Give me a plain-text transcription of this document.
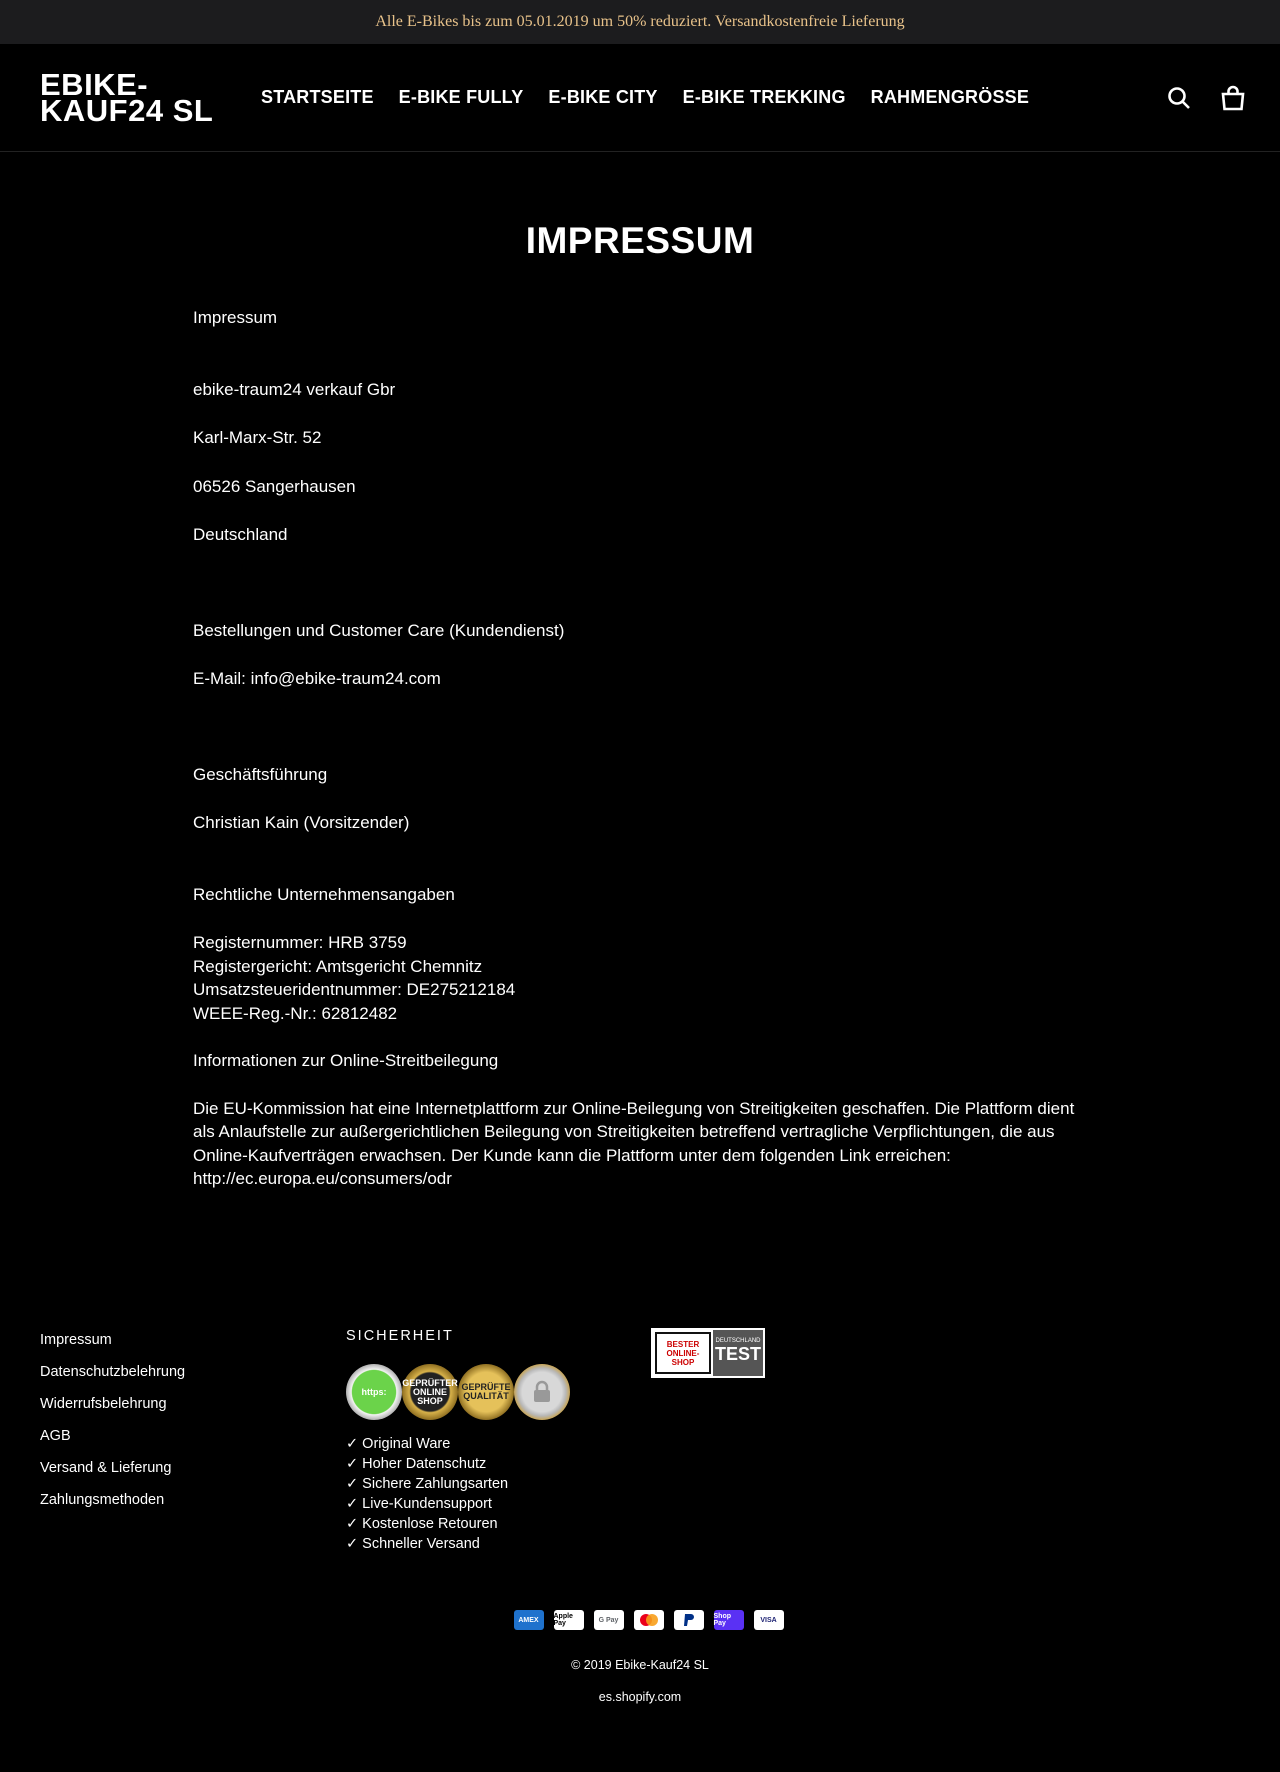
Alle E-Bikes bis zum 05.01.2019 um 50% reduziert. Versandkostenfreie Lieferung
EBIKE-
KAUF24 SL	STARTSEITE E-BIKE FULLY E-BIKE CITY E-BIKE TREKKING RAHMENGRÖSSE
IMPRESSUM

Impressum

ebike-traum24 verkauf Gbr

Karl-Marx-Str. 52

06526 Sangerhausen

Deutschland

Bestellungen und Customer Care (Kundendienst)

E-Mail: info@ebike-traum24.com

Geschäftsführung

Christian Kain (Vorsitzender)

Rechtliche Unternehmensangaben

Registernummer: HRB 3759

Registergericht: Amtsgericht Chemnitz

Umsatzsteueridentnummer: DE275212184

WEEE-Reg.-Nr.: 62812482

Informationen zur Online-Streitbeilegung

Die EU-Kommission hat eine Internetplattform zur Online-Beilegung von Streitigkeiten geschaffen. Die Plattform dient als Anlaufstelle zur außergerichtlichen Beilegung von Streitigkeiten betreffend vertragliche Verpflichtungen, die aus Online-Kaufverträgen erwachsen. Der Kunde kann die Plattform unter dem folgenden Link erreichen: http://ec.europa.eu/consumers/odr

Impressum
Datenschutzbelehrung
Widerrufsbelehrung
AGB
Versand & Lieferung
Zahlungsmethoden
SICHERHEIT
https:
GEPRÜFTER ONLINE SHOP
GEPRÜFTE QUALITÄT
✓ Original Ware
✓ Hoher Datenschutz
✓ Sichere Zahlungsarten
✓ Live-Kundensupport
✓ Kostenlose Retouren
✓ Schneller Versand
BESTER ONLINE-SHOP
DEUTSCHLAND
TEST
AMEX	Apple Pay	G Pay	Shop Pay	VISA
© 2019 Ebike-Kauf24 SL
es.shopify.com
